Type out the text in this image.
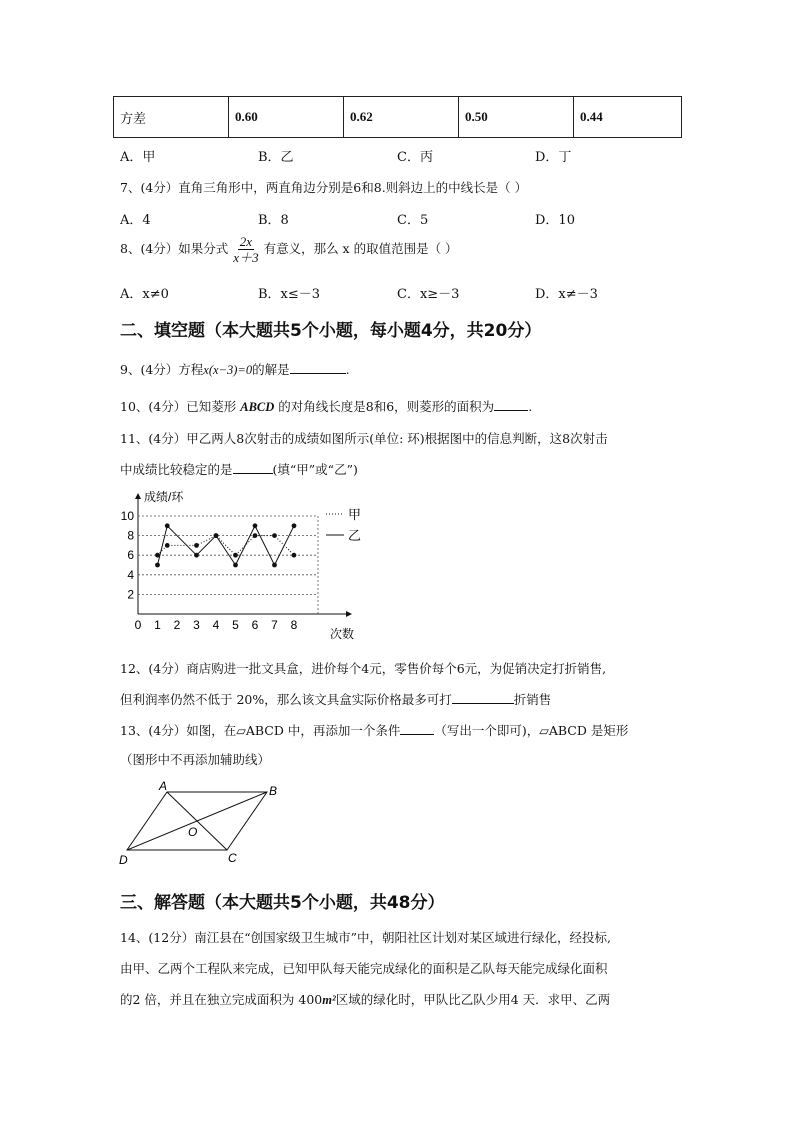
方差	0.60	0.62	0.50	0.44
A．甲	B．乙	C．丙	D．丁
7、(4分）直角三角形中，两直角边分别是6和8.则斜边上的中线长是（ ）
A．4	B．8	C．5	D．10
8、(4分）如果分式 $\frac{2x}{x+3}$ 有意义，那么 x 的取值范围是（ ）
A．x≠0	B．x≤－3	C．x≥－3	D．x≠－3
二、填空题（本大题共5个小题，每小题4分，共20分）
9、(4分）方程x(x−3)=0的解是	.
10、(4分）已知菱形 ABCD 的对角线长度是8和6，则菱形的面积为	.
11、(4分）甲乙两人8次射击的成绩如图所示(单位: 环)根据图中的信息判断，这8次射击
中成绩比较稳定的是	(填“甲”或“乙”)
成绩/环
次数
2
4
6
8
10
0 1 2 3 4 5 6 7 8
甲
乙
12、(4分）商店购进一批文具盒，进价每个4元，零售价每个6元，为促销决定打折销售,
但利润率仍然不低于 20%，那么该文具盒实际价格最多可打	折销售
13、(4分）如图，在▱ABCD 中，再添加一个条件	（写出一个即可)，▱ABCD 是矩形
（图形中不再添加辅助线）
A	B
C
D
O
三、解答题（本大题共5个小题，共48分）
14、(12分）南江县在“创国家级卫生城市”中，朝阳社区计划对某区域进行绿化，经投标,
由甲、乙两个工程队来完成，已知甲队每天能完成绿化的面积是乙队每天能完成绿化面积
的2 倍，并且在独立完成面积为 400m²区域的绿化时，甲队比乙队少用4 天．求甲、乙两
